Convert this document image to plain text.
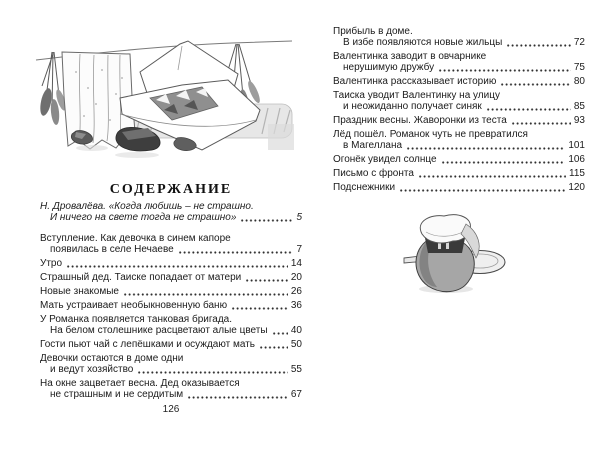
СОДЕРЖАНИЕ
Н. Дровалёва. «Когда любишь – не страшно.
И ничего на свете тогда не страшно»	5
Вступление. Как девочка в синем капоре
появилась в селе Нечаеве	7
Утро	14
Страшный дед. Таиске попадает от матери	20
Новые знакомые	26
Мать устраивает необыкновенную баню	36
У Романка появляется танковая бригада.
На белом столешнике расцветают алые цветы 40
Гости пьют чай с лепёшками и осуждают мать	50
Девочки остаются в доме одни
и ведут хозяйство	55
На окне зацветает весна. Дед оказывается
не страшным и не сердитым	67
126
Прибыль в доме.
В избе появляются новые жильцы	72
Валентинка заводит в овчарнике
нерушимую дружбу	75
Валентинка рассказывает историю	80
Таиска уводит Валентинку на улицу
и неожиданно получает синяк	85
Праздник весны. Жаворонки из теста	93
Лёд пошёл. Романок чуть не превратился
в Магеллана	101
Огонёк увидел солнце	106
Письмо с фронта	115
Подснежники	120
